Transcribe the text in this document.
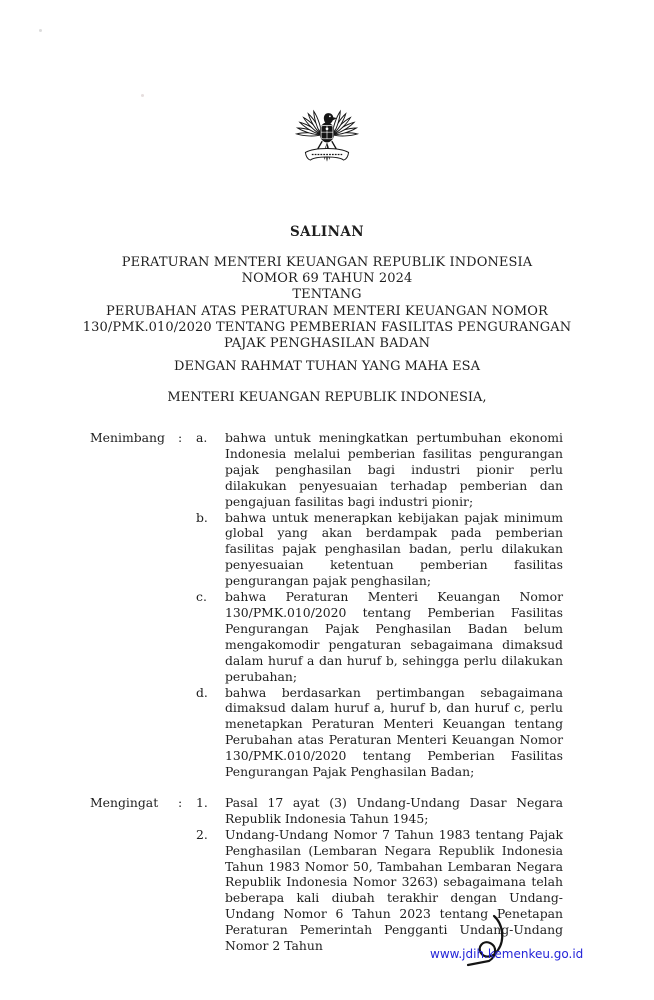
SALINAN
PERATURAN MENTERI KEUANGAN REPUBLIK INDONESIA
NOMOR 69 TAHUN 2024
TENTANG
PERUBAHAN ATAS PERATURAN MENTERI KEUANGAN NOMOR
130/PMK.010/2020 TENTANG PEMBERIAN FASILITAS PENGURANGAN
PAJAK PENGHASILAN BADAN
DENGAN RAHMAT TUHAN YANG MAHA ESA
MENTERI KEUANGAN REPUBLIK INDONESIA,
Menimbang	:	a.	bahwa untuk meningkatkan pertumbuhan ekonomi Indonesia melalui pemberian fasilitas pengurangan pajak penghasilan bagi industri pionir perlu dilakukan penyesuaian terhadap pemberian dan pengajuan fasilitas bagi industri pionir;
b.	bahwa untuk menerapkan kebijakan pajak minimum global yang akan berdampak pada pemberian fasilitas pajak penghasilan badan, perlu dilakukan penyesuaian ketentuan pemberian fasilitas pengurangan pajak penghasilan;
c.	bahwa Peraturan Menteri Keuangan Nomor 130/PMK.010/2020 tentang Pemberian Fasilitas Pengurangan Pajak Penghasilan Badan belum mengakomodir pengaturan sebagaimana dimaksud dalam huruf a dan huruf b, sehingga perlu dilakukan perubahan;
d.	bahwa berdasarkan pertimbangan sebagaimana dimaksud dalam huruf a, huruf b, dan huruf c, perlu menetapkan Peraturan Menteri Keuangan tentang Perubahan atas Peraturan Menteri Keuangan Nomor 130/PMK.010/2020 tentang Pemberian Fasilitas Pengurangan Pajak Penghasilan Badan;
Mengingat	:	1.	Pasal 17 ayat (3) Undang-Undang Dasar Negara Republik Indonesia Tahun 1945;
2.	Undang-Undang Nomor 7 Tahun 1983 tentang Pajak Penghasilan (Lembaran Negara Republik Indonesia Tahun 1983 Nomor 50, Tambahan Lembaran Negara Republik Indonesia Nomor 3263) sebagaimana telah beberapa kali diubah terakhir dengan Undang-Undang Nomor 6 Tahun 2023 tentang Penetapan Peraturan Pemerintah Pengganti Undang-Undang Nomor 2 Tahun
www.jdih.kemenkeu.go.id
